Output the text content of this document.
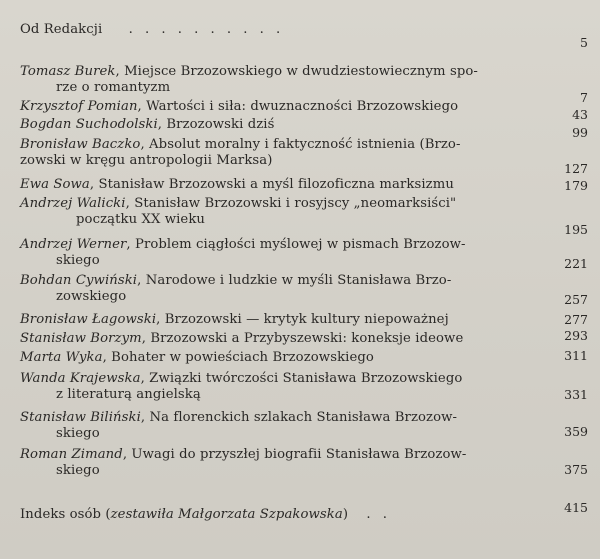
Od Redakcji . . . . . . . . . .
5
Tomasz Burek, Miejsce Brzozowskiego w dwudziestowiecznym spo-
rze o romantyzm
7
Krzysztof Pomian, Wartości i siła: dwuznaczności Brzozowskiego
43
Bogdan Suchodolski, Brzozowski dziś
99
Bronisław Baczko, Absolut moralny i faktyczność istnienia (Brzo-
zowski w kręgu antropologii Marksa)
127
Ewa Sowa, Stanisław Brzozowski a myśl filozoficzna marksizmu	179
Andrzej Walicki, Stanisław Brzozowski i rosyjscy „neomarksiści"
początku XX wieku
195
Andrzej Werner, Problem ciągłości myślowej w pismach Brzozow-
skiego	221
Bohdan Cywiński, Narodowe i ludzkie w myśli Stanisława Brzo-
zowskiego	257
Bronisław Łagowski, Brzozowski — krytyk kultury niepoważnej	277
Stanisław Borzym, Brzozowski a Przybyszewski: koneksje ideowe	293
Marta Wyka, Bohater w powieściach Brzozowskiego	311
Wanda Krajewska, Związki twórczości Stanisława Brzozowskiego
z literaturą angielską	331
Stanisław Biliński, Na florenckich szlakach Stanisława Brzozow-
skiego	359
Roman Zimand, Uwagi do przyszłej biografii Stanisława Brzozow-
skiego	375
Indeks osób (zestawiła Małgorzata Szpakowska) . .	415
